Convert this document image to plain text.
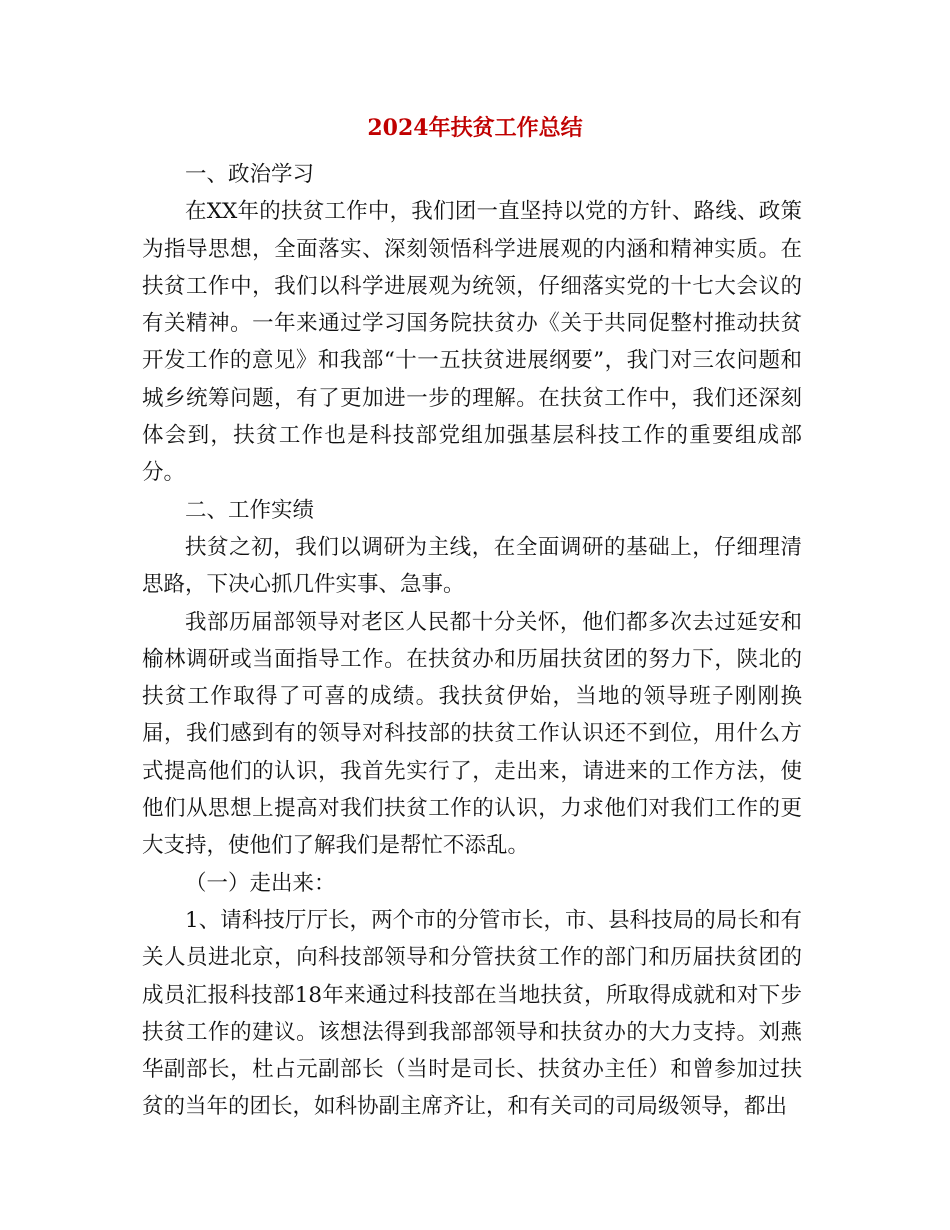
2024年扶贫工作总结

一、政治学习

在XX年的扶贫工作中，我们团一直坚持以党的方针、路线、政策为指导思想，全面落实、深刻领悟科学进展观的内涵和精神实质。在扶贫工作中，我们以科学进展观为统领，仔细落实党的十七大会议的有关精神。一年来通过学习国务院扶贫办《关于共同促整村推动扶贫开发工作的意见》和我部“十一五扶贫进展纲要”，我门对三农问题和城乡统筹问题，有了更加进一步的理解。在扶贫工作中，我们还深刻体会到，扶贫工作也是科技部党组加强基层科技工作的重要组成部分。

二、工作实绩

扶贫之初，我们以调研为主线，在全面调研的基础上，仔细理清思路，下决心抓几件实事、急事。

我部历届部领导对老区人民都十分关怀，他们都多次去过延安和榆林调研或当面指导工作。在扶贫办和历届扶贫团的努力下，陕北的扶贫工作取得了可喜的成绩。我扶贫伊始，当地的领导班子刚刚换届，我们感到有的领导对科技部的扶贫工作认识还不到位，用什么方式提高他们的认识，我首先实行了，走出来，请进来的工作方法，使他们从思想上提高对我们扶贫工作的认识，力求他们对我们工作的更大支持，使他们了解我们是帮忙不添乱。

（一）走出来：

1、请科技厅厅长，两个市的分管市长，市、县科技局的局长和有关人员进北京，向科技部领导和分管扶贫工作的部门和历届扶贫团的成员汇报科技部18年来通过科技部在当地扶贫，所取得成就和对下步扶贫工作的建议。该想法得到我部部领导和扶贫办的大力支持。刘燕华副部长，杜占元副部长（当时是司长、扶贫办主任）和曾参加过扶贫的当年的团长，如科协副主席齐让，和有关司的司局级领导，都出
